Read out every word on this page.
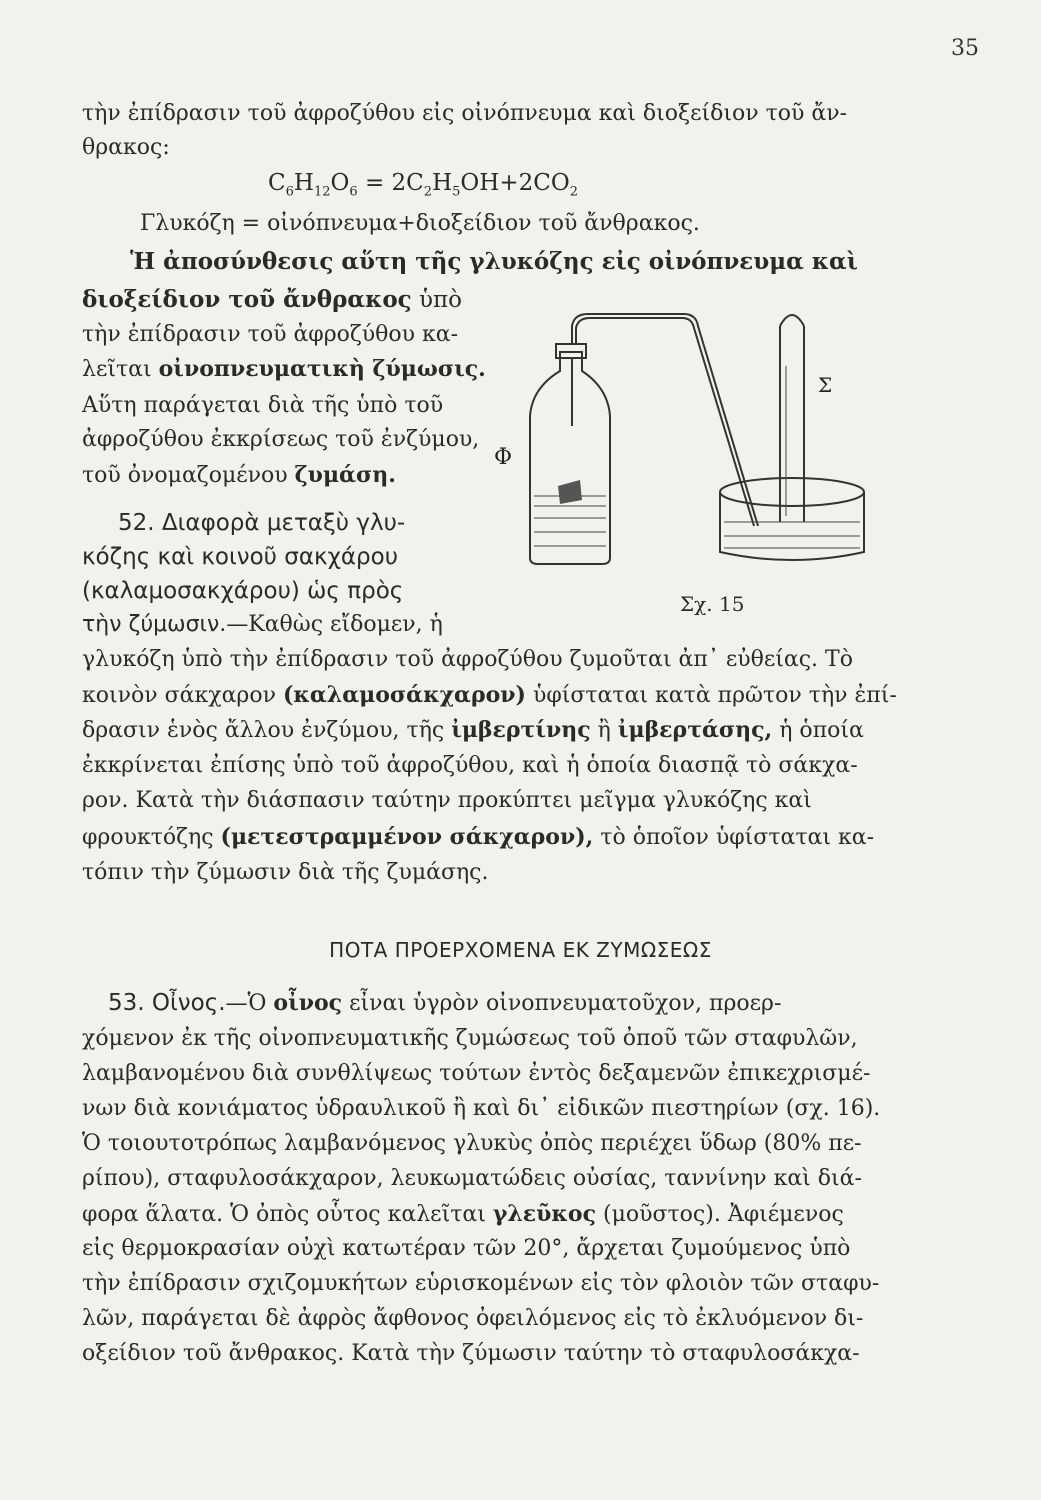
35
τὴν ἐπίδρασιν τοῦ ἀφροζύθου εἰς οἰνόπνευμα καὶ διοξείδιον τοῦ ἄν-
θρακος:
$C_6H_{12}O_6 = 2C_2H_5OH+2CO_2$
Γλυκόζη = οἰνόπνευμα+διοξείδιον τοῦ ἄνθρακος.
Ἡ ἀποσύνθεσις αὕτη τῆς γλυκόζης εἰς οἰνόπνευμα καὶ
διοξείδιον τοῦ ἄνθρακος ὑπὸ
τὴν ἐπίδρασιν τοῦ ἀφροζύθου κα-
λεῖται οἰνοπνευματικὴ ζύμωσις.
Αὕτη παράγεται διὰ τῆς ὑπὸ τοῦ
ἀφροζύθου ἐκκρίσεως τοῦ ἐνζύμου,
τοῦ ὀνομαζομένου ζυμάση.
52. Διαφορὰ μεταξὺ γλυ-
κόζης καὶ κοινοῦ σακχάρου
(καλαμοσακχάρου) ὡς πρὸς
τὴν ζύμωσιν.—Καθὼς εἴδομεν, ἡ
γλυκόζη ὑπὸ τὴν ἐπίδρασιν τοῦ ἀφροζύθου ζυμοῦται ἀπ᾽ εὐθείας. Τὸ
κοινὸν σάκχαρον (καλαμοσάκχαρον) ὑφίσταται κατὰ πρῶτον τὴν ἐπί-
δρασιν ἑνὸς ἄλλου ἐνζύμου, τῆς ἰμβερτίνης ἢ ἰμβερτάσης, ἡ ὁποία
ἐκκρίνεται ἐπίσης ὑπὸ τοῦ ἀφροζύθου, καὶ ἡ ὁποία διασπᾷ τὸ σάκχα-
ρον. Κατὰ τὴν διάσπασιν ταύτην προκύπτει μεῖγμα γλυκόζης καὶ
φρουκτόζης (μετεστραμμένον σάκχαρον), τὸ ὁποῖον ὑφίσταται κα-
τόπιν τὴν ζύμωσιν διὰ τῆς ζυμάσης.
Φ
Σ
Σχ. 15
ΠΟΤΑ ΠΡΟΕΡΧΟΜΕΝΑ ΕΚ ΖΥΜΩΣΕΩΣ
53. Οἶνος.—Ὁ οἶνος εἶναι ὑγρὸν οἰνοπνευματοῦχον, προερ-
χόμενον ἐκ τῆς οἰνοπνευματικῆς ζυμώσεως τοῦ ὀποῦ τῶν σταφυλῶν,
λαμβανομένου διὰ συνθλίψεως τούτων ἐντὸς δεξαμενῶν ἐπικεχρισμέ-
νων διὰ κονιάματος ὑδραυλικοῦ ἢ καὶ δι᾽ εἰδικῶν πιεστηρίων (σχ. 16).
Ὁ τοιουτοτρόπως λαμβανόμενος γλυκὺς ὀπὸς περιέχει ὕδωρ (80% πε-
ρίπου), σταφυλοσάκχαρον, λευκωματώδεις οὐσίας, ταννίνην καὶ διά-
φορα ἅλατα. Ὁ ὀπὸς οὗτος καλεῖται γλεῦκος (μοῦστος). Ἀφιέμενος
εἰς θερμοκρασίαν οὐχὶ κατωτέραν τῶν 20°, ἄρχεται ζυμούμενος ὑπὸ
τὴν ἐπίδρασιν σχιζομυκήτων εὑρισκομένων εἰς τὸν φλοιὸν τῶν σταφυ-
λῶν, παράγεται δὲ ἀφρὸς ἄφθονος ὀφειλόμενος εἰς τὸ ἐκλυόμενον δι-
οξείδιον τοῦ ἄνθρακος. Κατὰ τὴν ζύμωσιν ταύτην τὸ σταφυλοσάκχα-
